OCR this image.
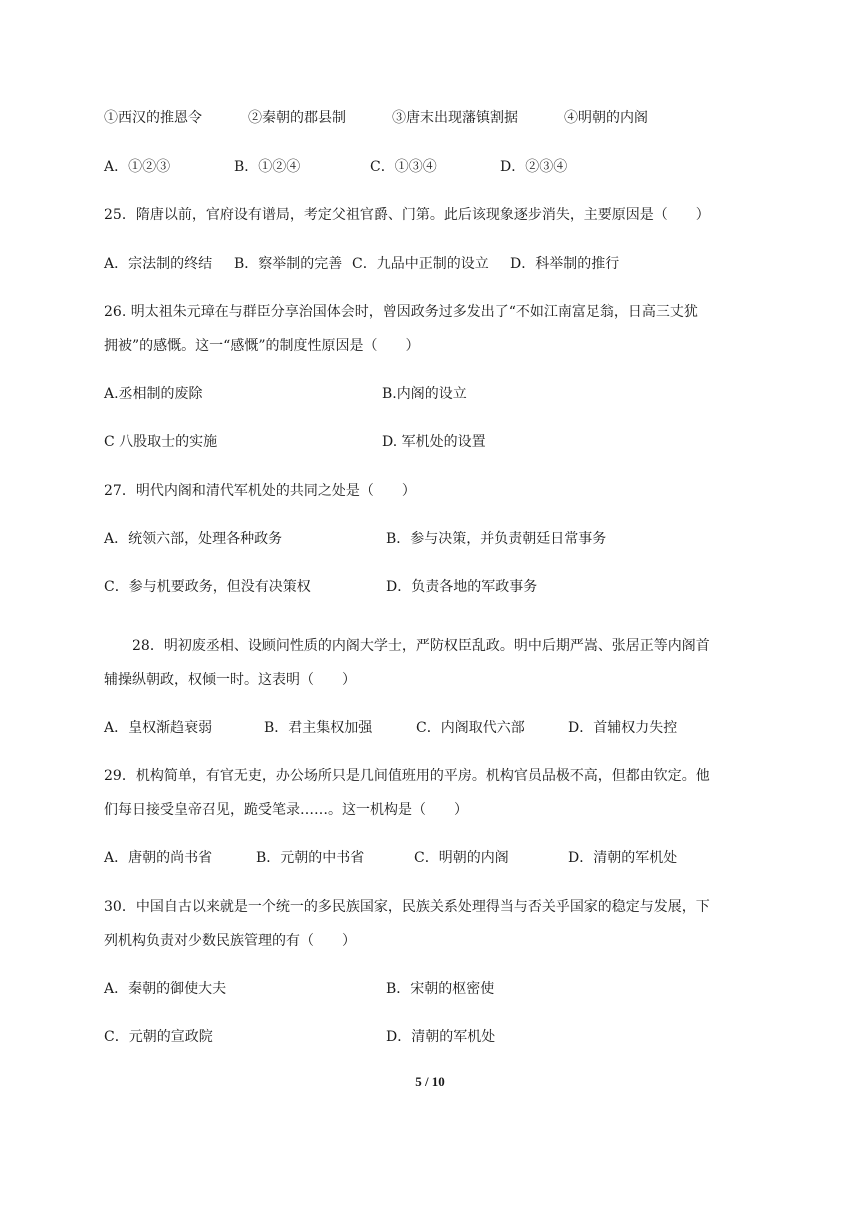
①西汉的推恩令	②秦朝的郡县制	③唐末出现藩镇割据	④明朝的内阁
A．①②③	B．①②④	C．①③④	D．②③④
25．隋唐以前，官府设有谱局，考定父祖官爵、门第。此后该现象逐步消失，主要原因是（　　）
A．宗法制的终结 B．察举制的完善 C．九品中正制的设立 D．科举制的推行
26. 明太祖朱元璋在与群臣分享治国体会时，曾因政务过多发出了“不如江南富足翁，日高三丈犹
拥被”的感慨。这一“感慨”的制度性原因是（　　）
A.丞相制的废除	B.内阁的设立
C 八股取士的实施	D. 军机处的设置
27．明代内阁和清代军机处的共同之处是（　　）
A．统领六部，处理各种政务	B．参与决策，并负责朝廷日常事务
C．参与机要政务，但没有决策权	D．负责各地的军政事务
28．明初废丞相、设顾问性质的内阁大学士，严防权臣乱政。明中后期严嵩、张居正等内阁首
辅操纵朝政，权倾一时。这表明（　　）
A．皇权渐趋衰弱	B．君主集权加强	C．内阁取代六部	D．首辅权力失控
29．机构简单，有官无吏，办公场所只是几间值班用的平房。机构官员品极不高，但都由钦定。他
们每日接受皇帝召见，跪受笔录……。这一机构是（　　）
A．唐朝的尚书省	B．元朝的中书省	C．明朝的内阁	D．清朝的军机处
30．中国自古以来就是一个统一的多民族国家，民族关系处理得当与否关乎国家的稳定与发展，下
列机构负责对少数民族管理的有（　　）
A．秦朝的御使大夫	B．宋朝的枢密使
C．元朝的宣政院	D．清朝的军机处
5 / 10
